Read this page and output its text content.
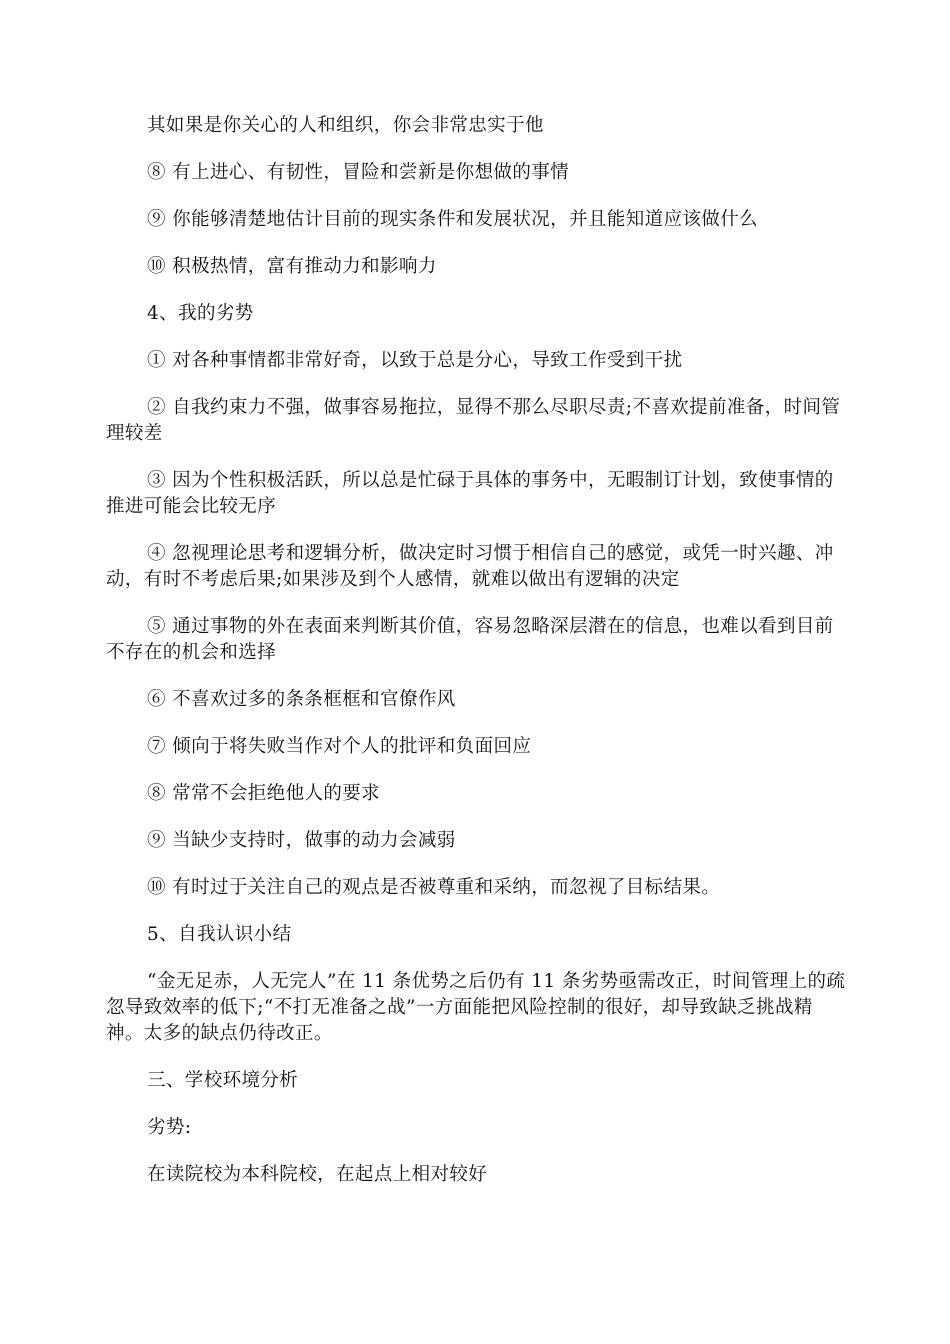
其如果是你关心的人和组织，你会非常忠实于他

⑧ 有上进心、有韧性，冒险和尝新是你想做的事情

⑨ 你能够清楚地估计目前的现实条件和发展状况，并且能知道应该做什么

⑩ 积极热情，富有推动力和影响力

4、我的劣势

① 对各种事情都非常好奇，以致于总是分心，导致工作受到干扰

② 自我约束力不强，做事容易拖拉，显得不那么尽职尽责;不喜欢提前准备，时间管理较差

③ 因为个性积极活跃，所以总是忙碌于具体的事务中，无暇制订计划，致使事情的推进可能会比较无序

④ 忽视理论思考和逻辑分析，做决定时习惯于相信自己的感觉，或凭一时兴趣、冲动，有时不考虑后果;如果涉及到个人感情，就难以做出有逻辑的决定

⑤ 通过事物的外在表面来判断其价值，容易忽略深层潜在的信息，也难以看到目前不存在的机会和选择

⑥ 不喜欢过多的条条框框和官僚作风

⑦ 倾向于将失败当作对个人的批评和负面回应

⑧ 常常不会拒绝他人的要求

⑨ 当缺少支持时，做事的动力会减弱

⑩ 有时过于关注自己的观点是否被尊重和采纳，而忽视了目标结果。

5、自我认识小结

“金无足赤，人无完人”在 11 条优势之后仍有 11 条劣势亟需改正，时间管理上的疏忽导致效率的低下;“不打无准备之战”一方面能把风险控制的很好，却导致缺乏挑战精神。太多的缺点仍待改正。

三、学校环境分析

劣势:

在读院校为本科院校，在起点上相对较好
